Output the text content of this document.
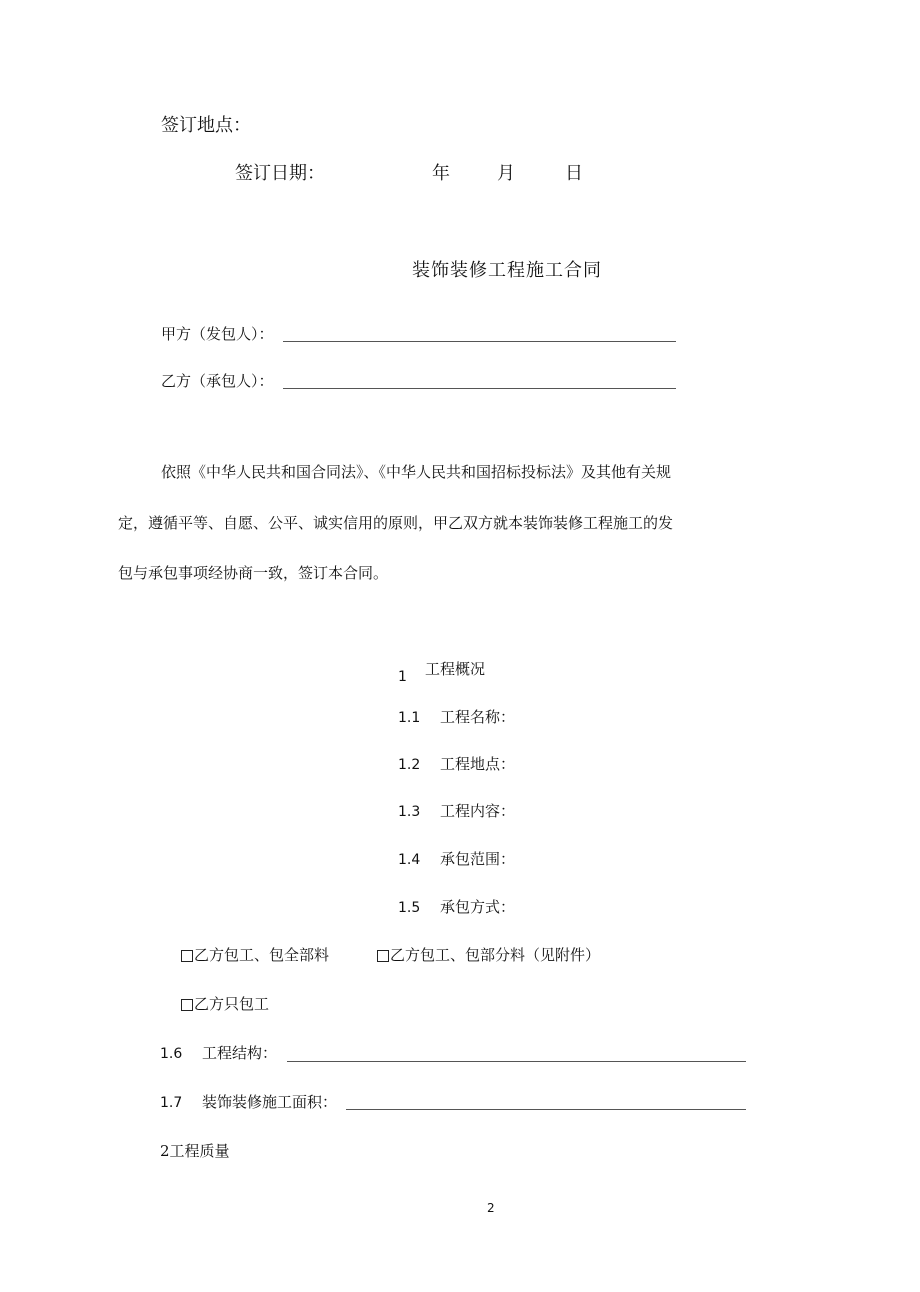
签订地点：
签订日期：	年	月	日
装饰装修工程施工合同
甲方（发包人）：
乙方（承包人）：
依照《中华人民共和国合同法》、《中华人民共和国招标投标法》及其他有关规
定，遵循平等、自愿、公平、诚实信用的原则，甲乙双方就本装饰装修工程施工的发
包与承包事项经协商一致，签订本合同。
1 工程概况
1.1 工程名称：
1.2 工程地点：
1.3 工程内容：
1.4 承包范围：
1.5 承包方式：
乙方包工、包全部料	乙方包工、包部分料（见附件）
乙方只包工
1.6 工程结构：
1.7 装饰装修施工面积：
2工程质量
2
